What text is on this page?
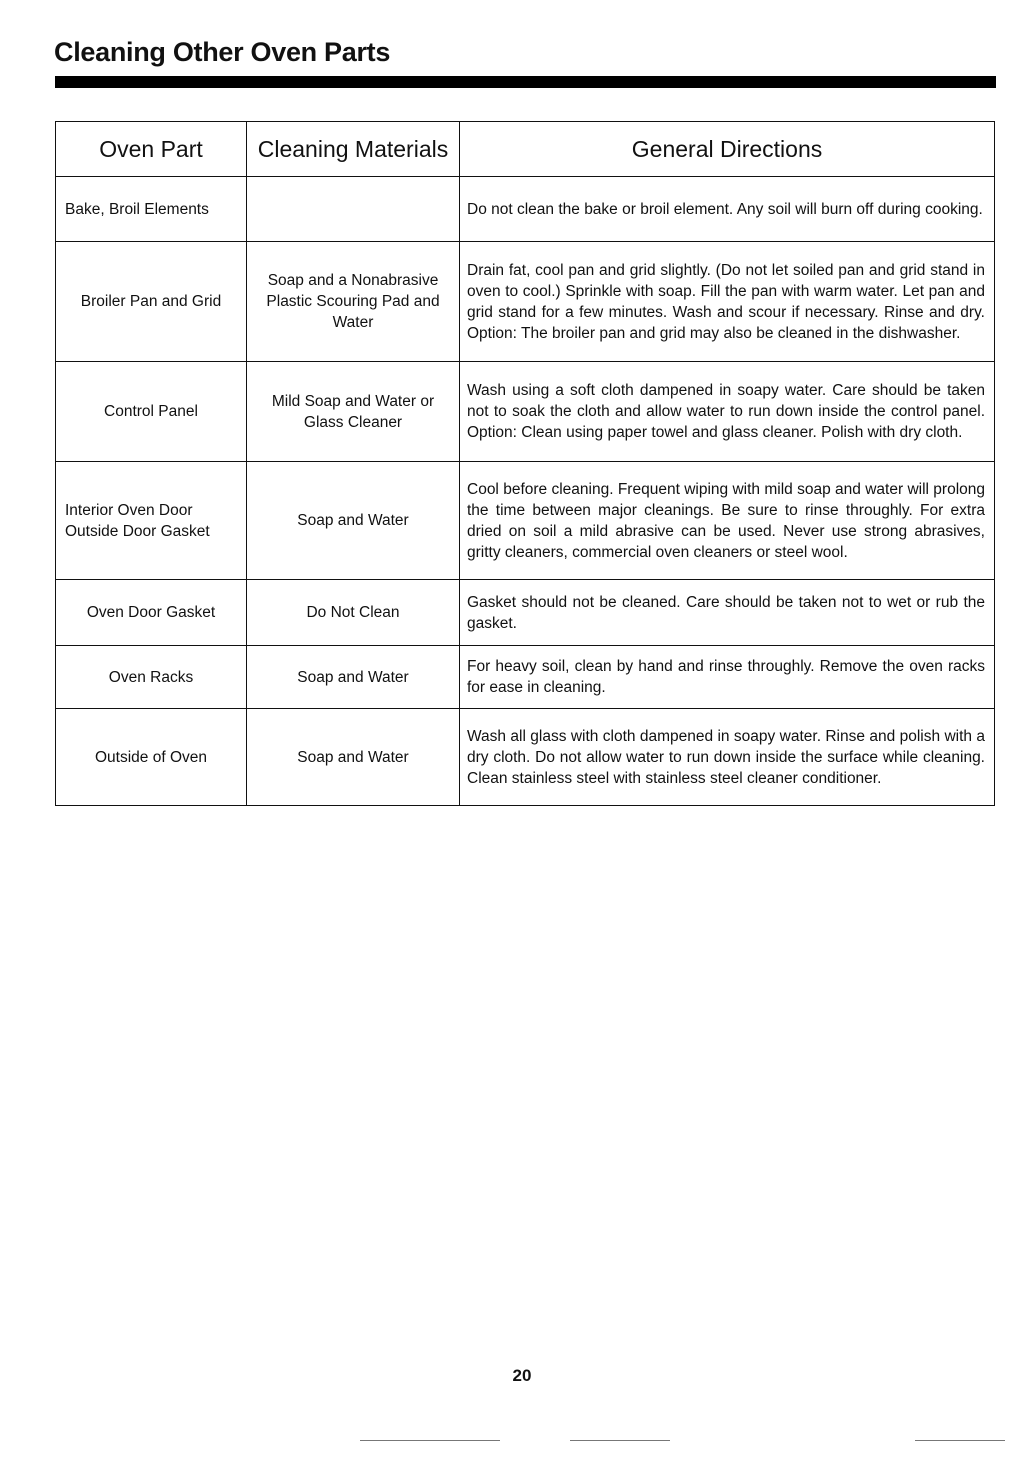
Cleaning Other Oven Parts
Oven Part	Cleaning Materials	General Directions
Bake, Broil Elements		Do not clean the bake or broil element. Any soil will burn off during cooking.
Broiler Pan and Grid	Soap and a Nonabrasive Plastic Scouring Pad and Water	Drain fat, cool pan and grid slightly. (Do not let soiled pan and grid stand in oven to cool.) Sprinkle with soap. Fill the pan with warm water. Let pan and grid stand for a few minutes. Wash and scour if necessary. Rinse and dry. Option: The broiler pan and grid may also be cleaned in the dishwasher.
Control Panel	Mild Soap and Water or Glass Cleaner	Wash using a soft cloth dampened in soapy water. Care should be taken not to soak the cloth and allow water to run down inside the control panel. Option: Clean using paper towel and glass cleaner. Polish with dry cloth.
Interior Oven Door Outside Door Gasket	Soap and Water	Cool before cleaning. Frequent wiping with mild soap and water will prolong the time between major cleanings. Be sure to rinse throughly. For extra dried on soil a mild abrasive can be used. Never use strong abrasives, gritty cleaners, commercial oven cleaners or steel wool.
Oven Door Gasket	Do Not Clean	Gasket should not be cleaned. Care should be taken not to wet or rub the gasket.
Oven Racks	Soap and Water	For heavy soil, clean by hand and rinse throughly. Remove the oven racks for ease in cleaning.
Outside of Oven	Soap and Water	Wash all glass with cloth dampened in soapy water. Rinse and polish with a dry cloth. Do not allow water to run down inside the surface while cleaning. Clean stainless steel with stainless steel cleaner conditioner.
20
